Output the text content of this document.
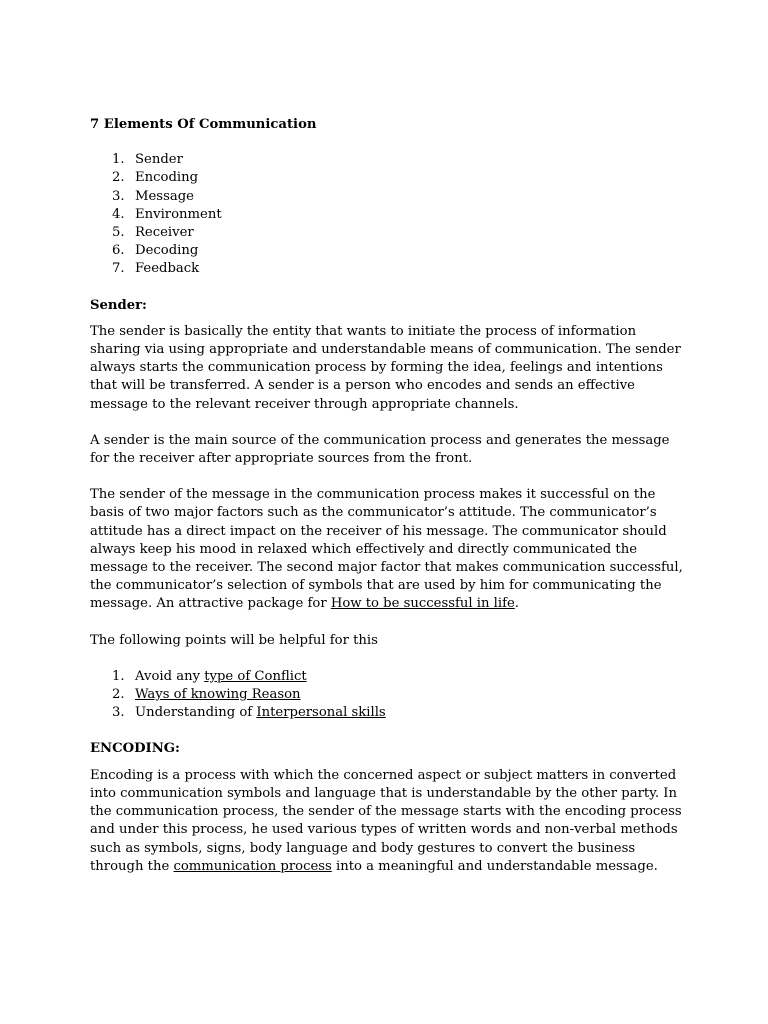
7 Elements Of Communication

1. Sender
2. Encoding
3. Message
4. Environment
5. Receiver
6. Decoding
7. Feedback

Sender:

The sender is basically the entity that wants to initiate the process of information sharing via using appropriate and understandable means of communication. The sender always starts the communication process by forming the idea, feelings and intentions that will be transferred. A sender is a person who encodes and sends an effective message to the relevant receiver through appropriate channels.

A sender is the main source of the communication process and generates the message for the receiver after appropriate sources from the front.

The sender of the message in the communication process makes it successful on the basis of two major factors such as the communicator’s attitude. The communicator’s attitude has a direct impact on the receiver of his message. The communicator should always keep his mood in relaxed which effectively and directly communicated the message to the receiver. The second major factor that makes communication successful, the communicator’s selection of symbols that are used by him for communicating the message. An attractive package for How to be successful in life.

The following points will be helpful for this

1. Avoid any type of Conflict
2. Ways of knowing Reason
3. Understanding of Interpersonal skills

ENCODING:

Encoding is a process with which the concerned aspect or subject matters in converted into communication symbols and language that is understandable by the other party. In the communication process, the sender of the message starts with the encoding process and under this process, he used various types of written words and non-verbal methods such as symbols, signs, body language and body gestures to convert the business through the communication process into a meaningful and understandable message.
